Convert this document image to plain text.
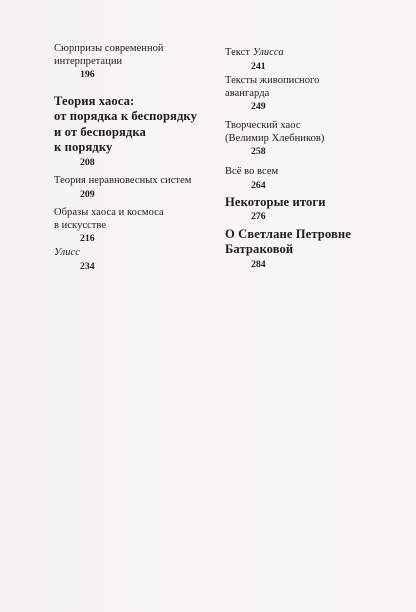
Сюрпризы современной
интерпретации
196
Теория хаоса:
от порядка к беспорядку
и от беспорядка
к порядку
208
Теория неравновесных систем
209
Образы хаоса и космоса
в искусстве
216
Улисс
234
Текст Улисса
241
Тексты живописного
авангарда
249
Творческий хаос
(Велимир Хлебников)
258
Всё во всем
264
Некоторые итоги
276
О Светлане Петровне
Батраковой
284
